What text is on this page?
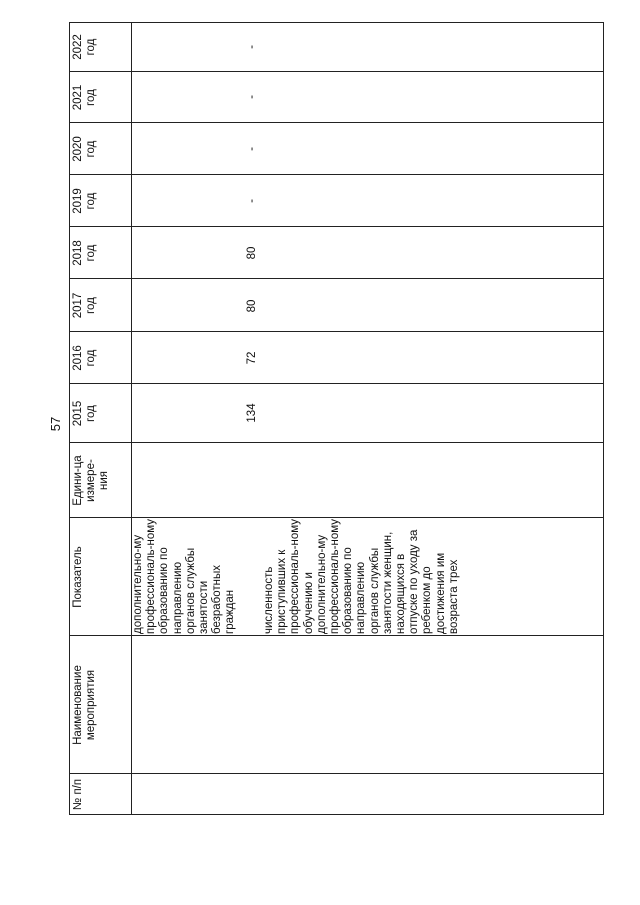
57
№ п/п
Наименование мероприятия
Показатель
Едини-ца измере-ния
2015 год
2016 год
2017 год
2018 год
2019 год
2020 год
2021 год
2022 год
дополнительно-му профессиональ-ному образованию по направлению органов службы занятости безработных граждан численность приступивших к профессиональ-ному обучению и дополнительно-му профессиональ-ному образованию по направлению органов службы занятости женщин, находящихся в отпуске по уходу за ребенком до достижения им возраста трех
134
72
80
80
-
-
-
-
